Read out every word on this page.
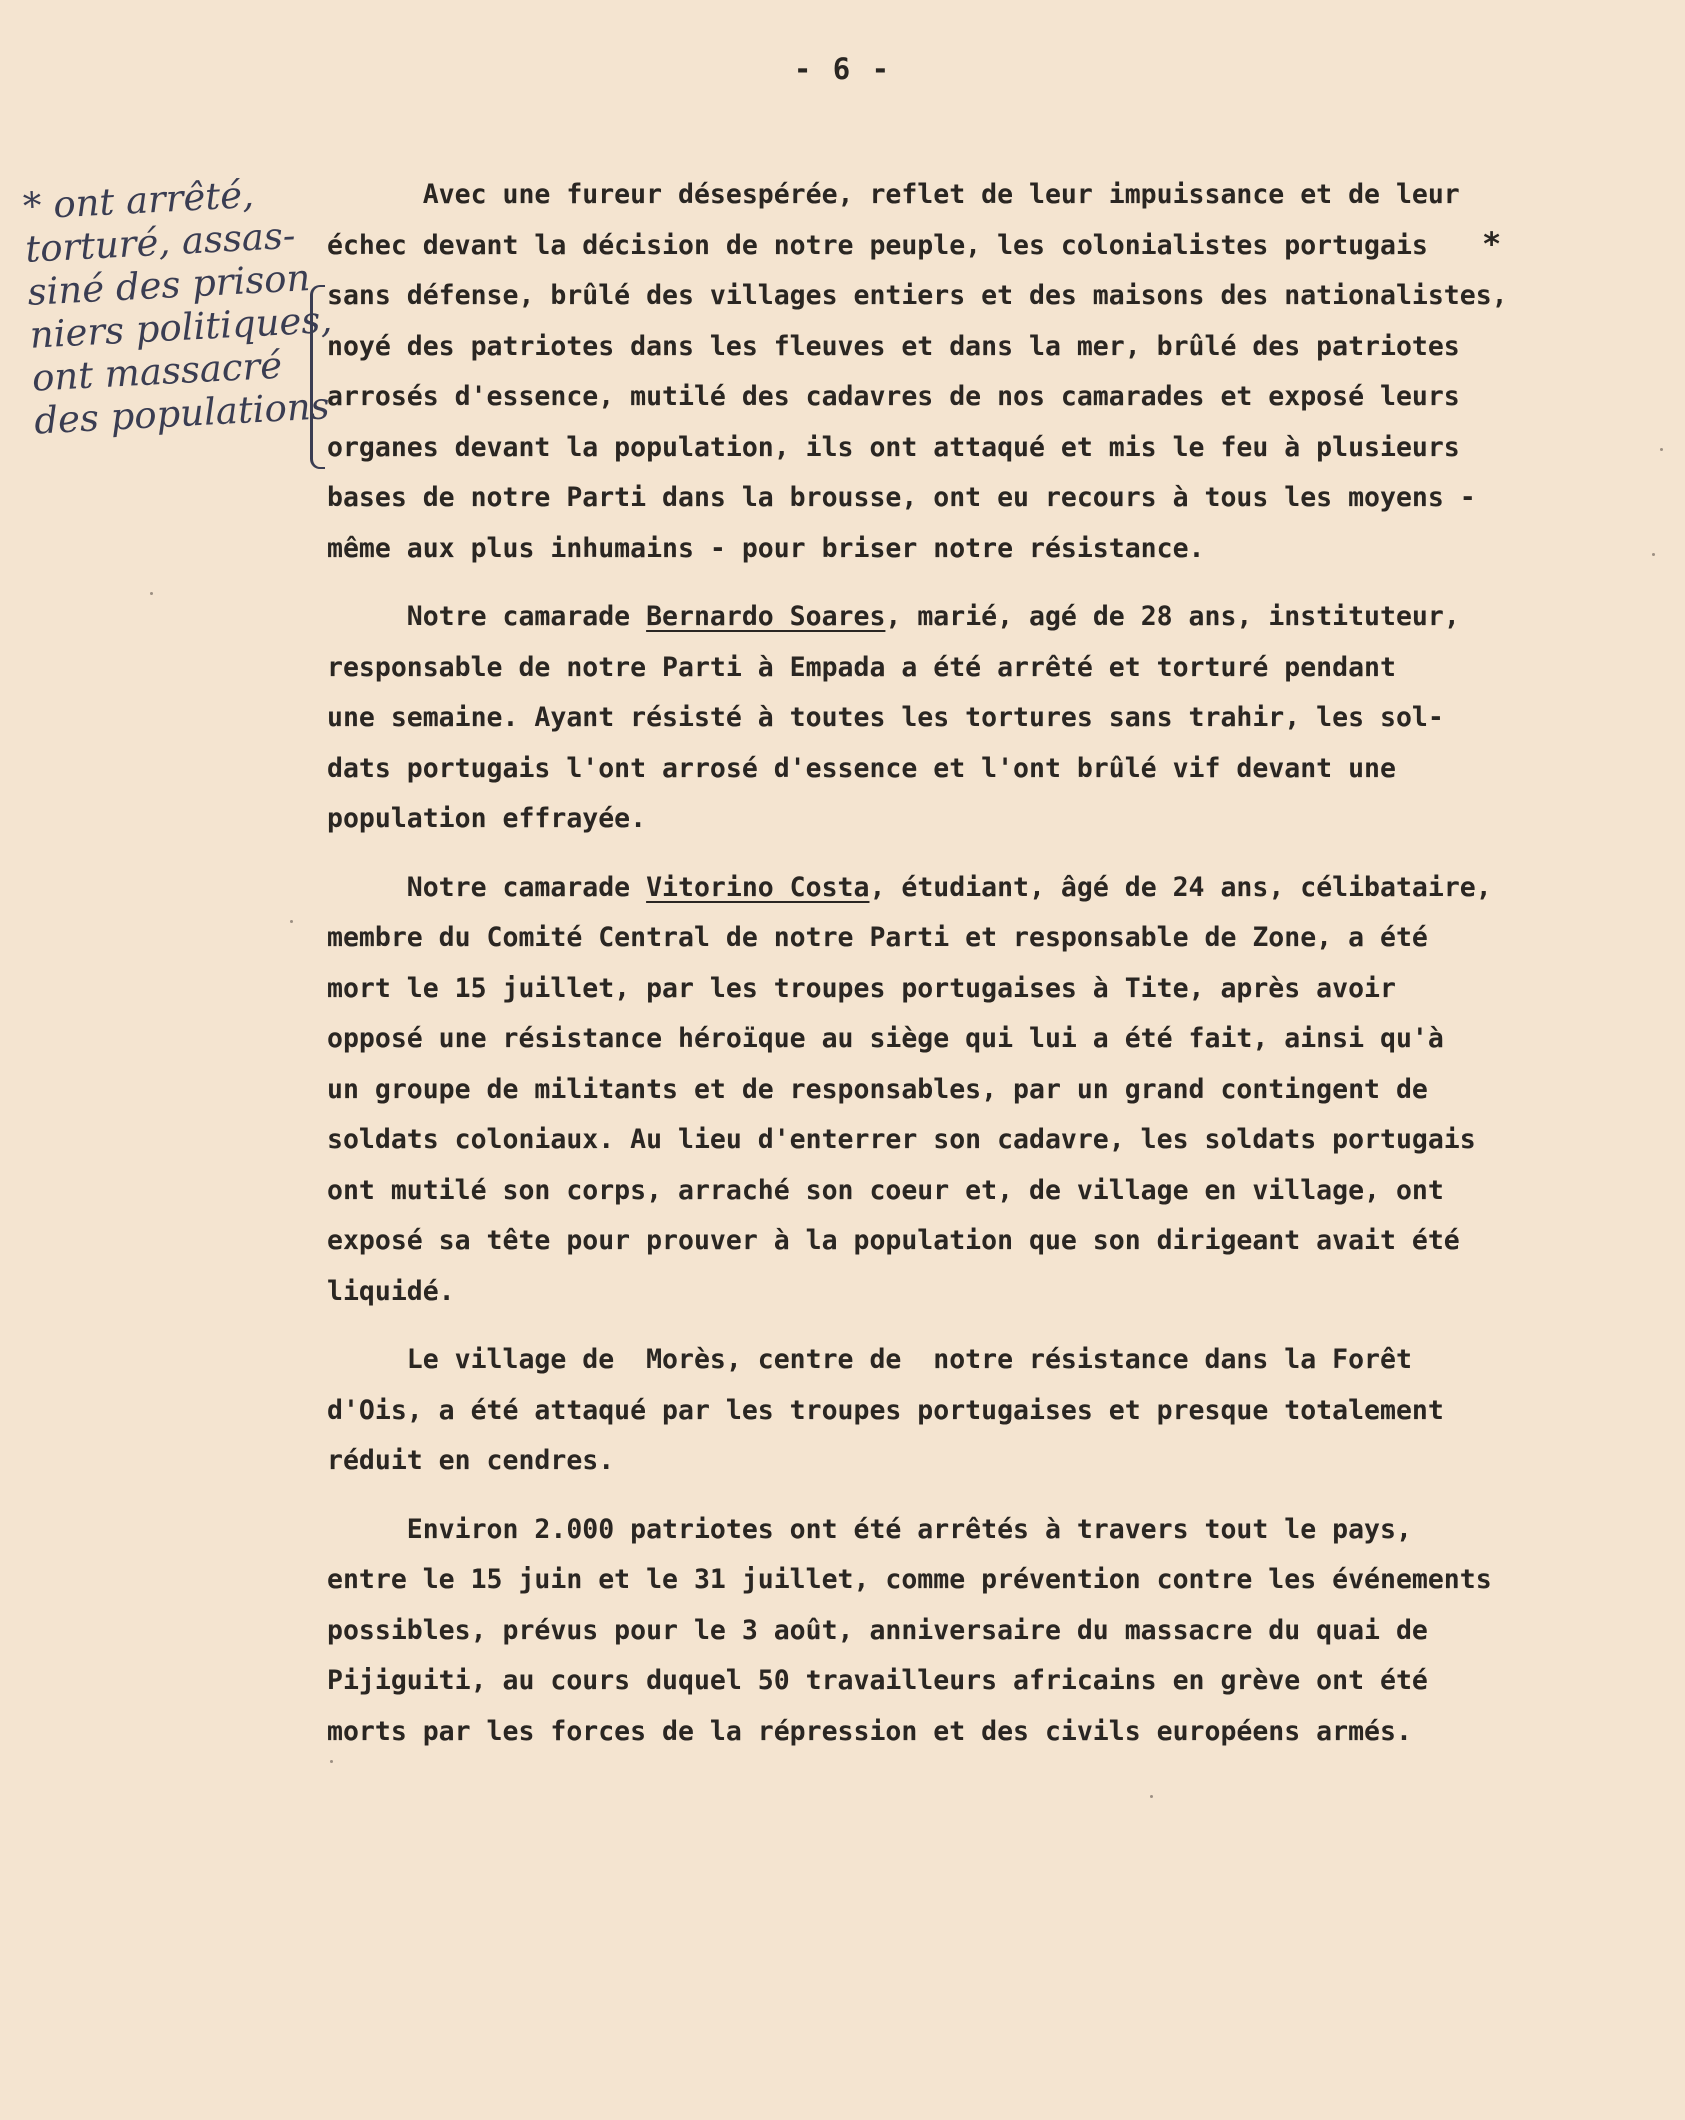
- 6 -
* ont arrêté,
torturé, assas-
siné des prison
niers politiques,
ont massacré
des populations
*

Avec une fureur désespérée, reflet de leur impuissance et de leur
échec devant la décision de notre peuple, les colonialistes portugais
sans défense, brûlé des villages entiers et des maisons des nationalistes,
noyé des patriotes dans les fleuves et dans la mer, brûlé des patriotes
arrosés d'essence, mutilé des cadavres de nos camarades et exposé leurs
organes devant la population, ils ont attaqué et mis le feu à plusieurs
bases de notre Parti dans la brousse, ont eu recours à tous les moyens -
même aux plus inhumains - pour briser notre résistance.

Notre camarade Bernardo Soares, marié, agé de 28 ans, instituteur,
responsable de notre Parti à Empada a été arrêté et torturé pendant
une semaine. Ayant résisté à toutes les tortures sans trahir, les sol-
dats portugais l'ont arrosé d'essence et l'ont brûlé vif devant une
population effrayée.

Notre camarade Vitorino Costa, étudiant, âgé de 24 ans, célibataire,
membre du Comité Central de notre Parti et responsable de Zone, a été
mort le 15 juillet, par les troupes portugaises à Tite, après avoir
opposé une résistance héroïque au siège qui lui a été fait, ainsi qu'à
un groupe de militants et de responsables, par un grand contingent de
soldats coloniaux. Au lieu d'enterrer son cadavre, les soldats portugais
ont mutilé son corps, arraché son coeur et, de village en village, ont
exposé sa tête pour prouver à la population que son dirigeant avait été
liquidé.

Le village de  Morès, centre de  notre résistance dans la Forêt
d'Ois, a été attaqué par les troupes portugaises et presque totalement
réduit en cendres.

Environ 2.000 patriotes ont été arrêtés à travers tout le pays,
entre le 15 juin et le 31 juillet, comme prévention contre les événements
possibles, prévus pour le 3 août, anniversaire du massacre du quai de
Pijiguiti, au cours duquel 50 travailleurs africains en grève ont été
morts par les forces de la répression et des civils européens armés.
